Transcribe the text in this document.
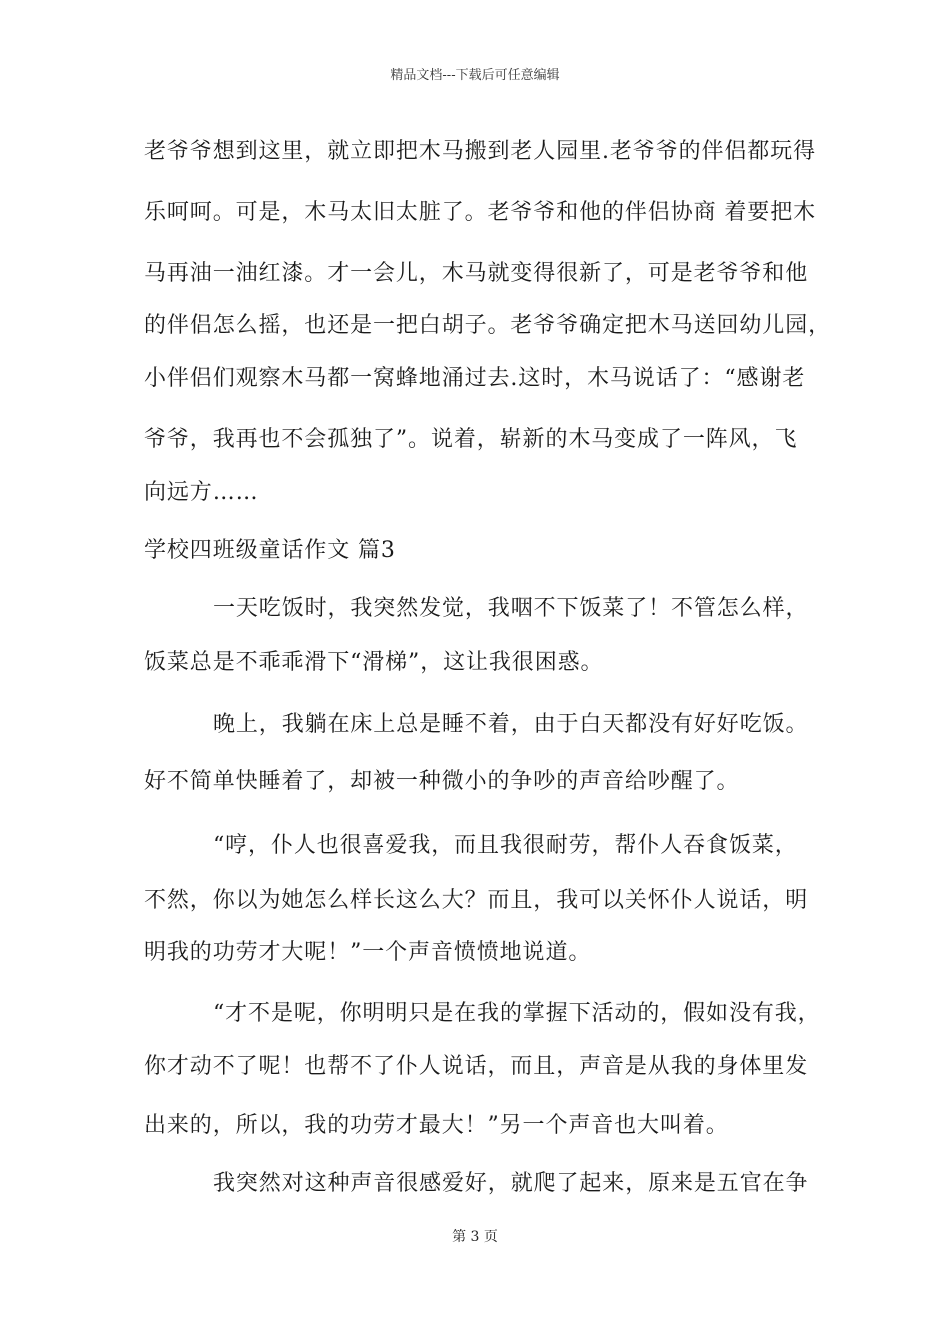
精品文档---下载后可任意编辑
老爷爷想到这里，就立即把木马搬到老人园里.老爷爷的伴侣都玩得
乐呵呵。可是，木马太旧太脏了。老爷爷和他的伴侣协商 着要把木
马再油一油红漆。才一会儿，木马就变得很新了，可是老爷爷和他
的伴侣怎么摇，也还是一把白胡子。老爷爷确定把木马送回幼儿园，
小伴侣们观察木马都一窝蜂地涌过去.这时，木马说话了：“感谢老
爷爷，我再也不会孤独了”。说着，崭新的木马变成了一阵风，飞
向远方……
学校四班级童话作文 篇3
一天吃饭时，我突然发觉，我咽不下饭菜了！不管怎么样，
饭菜总是不乖乖滑下“滑梯”，这让我很困惑。
晚上，我躺在床上总是睡不着，由于白天都没有好好吃饭。
好不简单快睡着了，却被一种微小的争吵的声音给吵醒了。
“哼，仆人也很喜爱我，而且我很耐劳，帮仆人吞食饭菜，
不然，你以为她怎么样长这么大？而且，我可以关怀仆人说话，明
明我的功劳才大呢！”一个声音愤愤地说道。
“才不是呢，你明明只是在我的掌握下活动的，假如没有我，
你才动不了呢！也帮不了仆人说话，而且，声音是从我的身体里发
出来的，所以，我的功劳才最大！”另一个声音也大叫着。
我突然对这种声音很感爱好，就爬了起来，原来是五官在争
第 3 页
